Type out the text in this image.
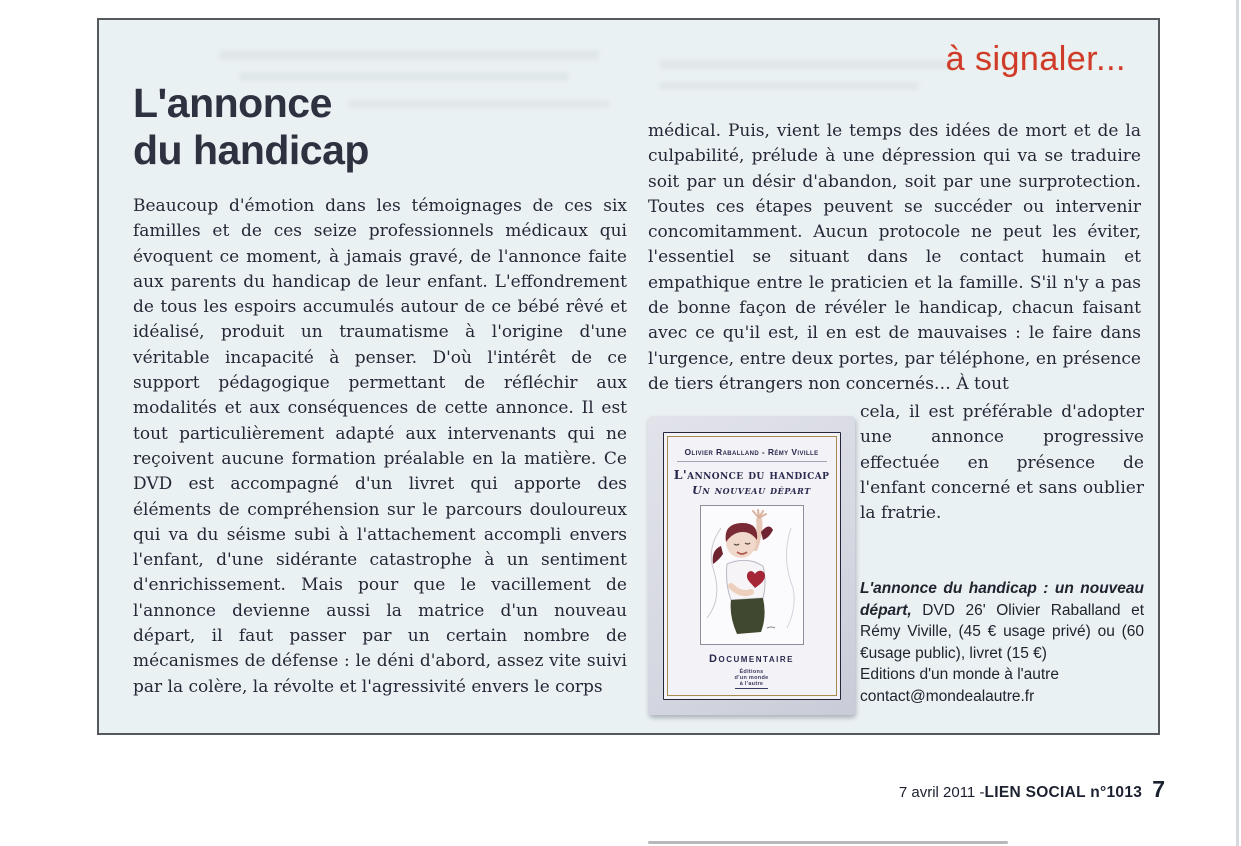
à signaler...
L'annonce
du handicap
Beaucoup d'émotion dans les témoignages de ces six familles et de ces seize professionnels médicaux qui évoquent ce moment, à jamais gravé, de l'annonce faite aux parents du handicap de leur enfant. L'effondrement de tous les espoirs accumulés autour de ce bébé rêvé et idéalisé, produit un traumatisme à l'origine d'une véritable incapacité à penser. D'où l'intérêt de ce support pédagogique permettant de réfléchir aux modalités et aux conséquences de cette annonce. Il est tout particulièrement adapté aux intervenants qui ne reçoivent aucune formation préalable en la matière. Ce DVD est accompagné d'un livret qui apporte des éléments de compréhension sur le parcours douloureux qui va du séisme subi à l'attachement accompli envers l'enfant, d'une sidérante catastrophe à un sentiment d'enrichissement. Mais pour que le vacillement de l'annonce devienne aussi la matrice d'un nouveau départ, il faut passer par un certain nombre de mécanismes de défense : le déni d'abord, assez vite suivi par la colère, la révolte et l'agressivité envers le corps
médical. Puis, vient le temps des idées de mort et de la culpabilité, prélude à une dépression qui va se traduire soit par un désir d'abandon, soit par une surprotection. Toutes ces étapes peuvent se succéder ou intervenir concomitamment. Aucun protocole ne peut les éviter, l'essentiel se situant dans le contact humain et empathique entre le praticien et la famille. S'il n'y a pas de bonne façon de révéler le handicap, chacun faisant avec ce qu'il est, il en est de mauvaises : le faire dans l'urgence, entre deux portes, par téléphone, en présence de tiers étrangers non concernés… À tout
cela, il est préférable d'adopter une annonce progressive effectuée en présence de l'enfant concerné et sans oublier la fratrie.
Olivier Raballand - Rémy Viville
L'annonce du handicap
Un nouveau départ
Documentaire
Éditions
d'un monde
à l'autre
L'annonce du handicap : un nouveau départ, DVD 26' Olivier Raballand et Rémy Viville, (45 € usage privé) ou (60 €usage public), livret (15 €)
Editions d'un monde à l'autre
contact@mondealautre.fr
7 avril 2011 - LIEN SOCIAL n°1013 7
